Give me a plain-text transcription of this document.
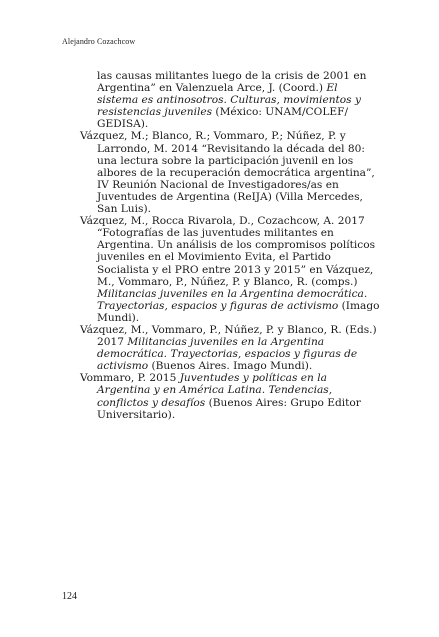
Alejandro Cozachcow

las causas militantes luego de la crisis de 2001 en Argentina” en Valenzuela Arce, J. (Coord.) El sistema es antinosotros. Culturas, movimientos y resistencias juveniles (México: UNAM/COLEF/ GEDISA).

Vázquez, M.; Blanco, R.; Vommaro, P.; Núñez, P. y Larrondo, M. 2014 “Revisitando la década del 80: una lectura sobre la participación juvenil en los albores de la recuperación democrática argentina”, IV Reunión Nacional de Investigadores/as en Juventudes de Argentina (ReIJA) (Villa Mercedes, San Luis).

Vázquez, M., Rocca Rivarola, D., Cozachcow, A. 2017 “Fotografías de las juventudes militantes en Argentina. Un análisis de los compromisos políticos juveniles en el Movimiento Evita, el Partido Socialista y el PRO entre 2013 y 2015” en Vázquez, M., Vommaro, P., Núñez, P. y Blanco, R. (comps.) Militancias juveniles en la Argentina democrática. Trayectorias, espacios y figuras de activismo (Imago Mundi).

Vázquez, M., Vommaro, P., Núñez, P. y Blanco, R. (Eds.) 2017 Militancias juveniles en la Argentina democrática. Trayectorias, espacios y figuras de activismo (Buenos Aires. Imago Mundi).

Vommaro, P. 2015 Juventudes y políticas en la Argentina y en América Latina. Tendencias, conflictos y desafíos (Buenos Aires: Grupo Editor Universitario).

124
